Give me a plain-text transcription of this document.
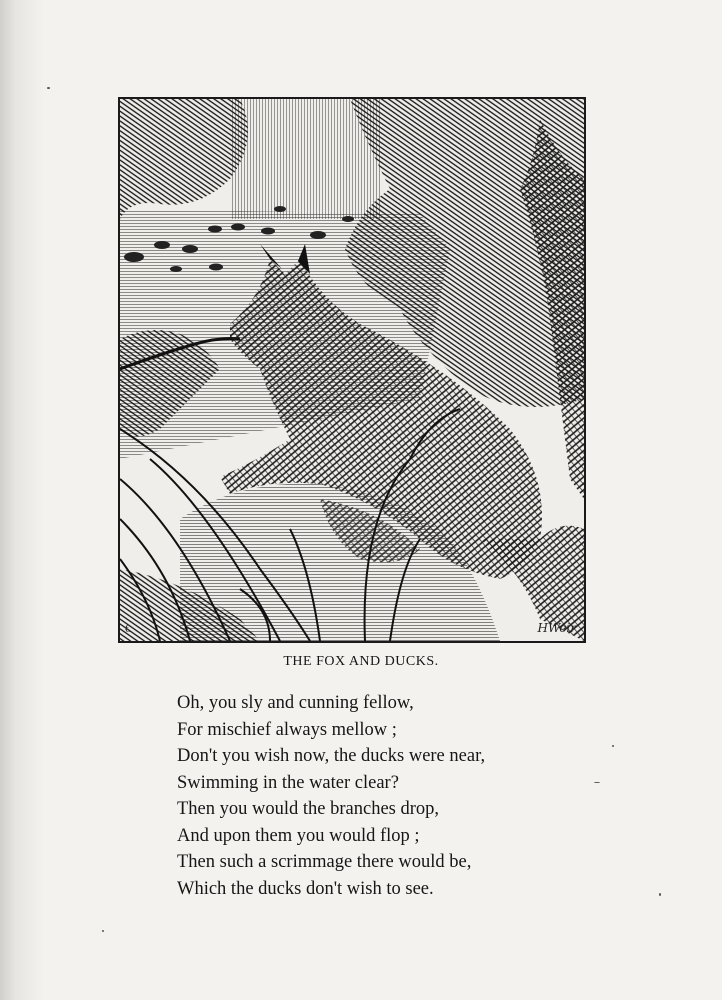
€	HWeir
THE FOX AND DUCKS.
Oh, you sly and cunning fellow,
For mischief always mellow ;
Don't you wish now, the ducks were near,
Swimming in the water clear?
Then you would the branches drop,
And upon them you would flop ;
Then such a scrimmage there would be,
Which the ducks don't wish to see.
